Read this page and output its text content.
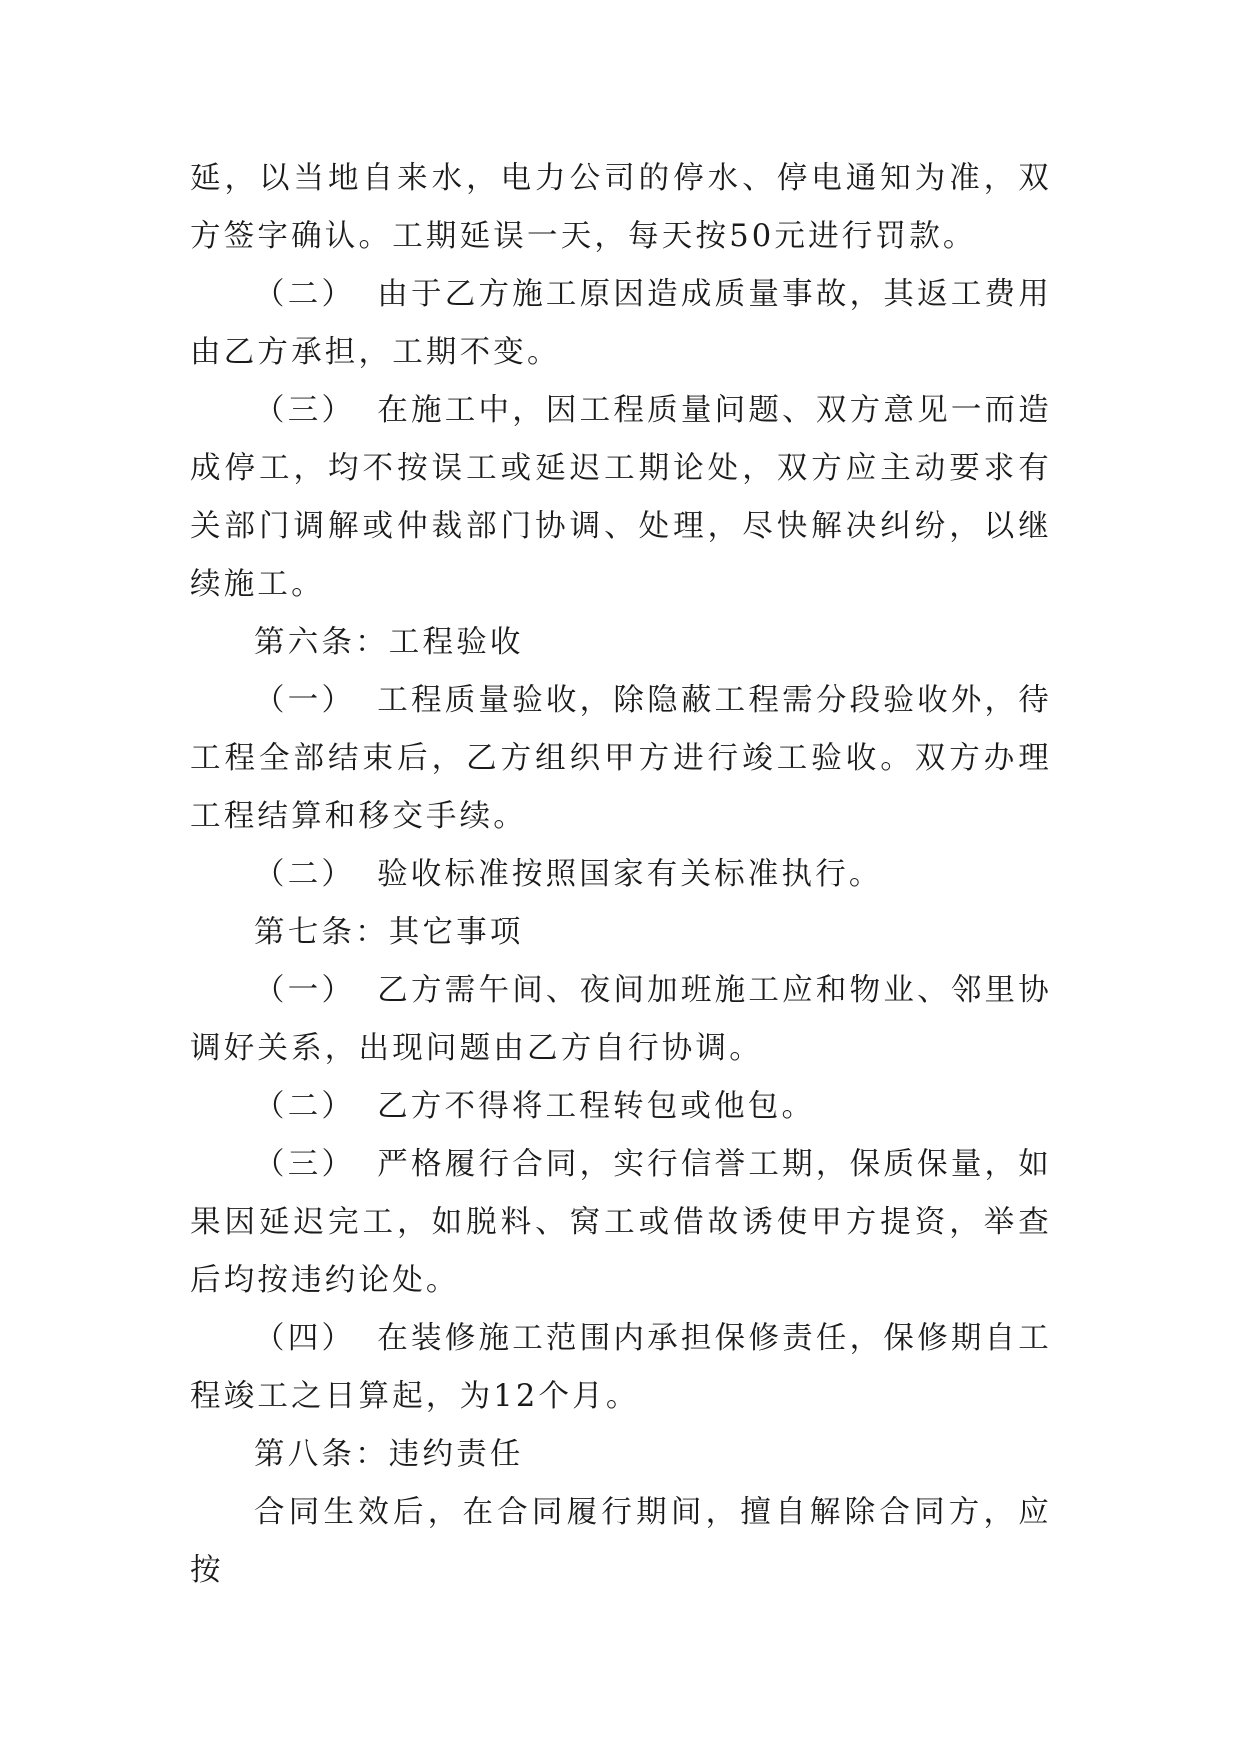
延，以当地自来水，电力公司的停水、停电通知为准，双方签字确认。工期延误一天，每天按50元进行罚款。

（二） 由于乙方施工原因造成质量事故，其返工费用由乙方承担，工期不变。

（三） 在施工中，因工程质量问题、双方意见一而造成停工，均不按误工或延迟工期论处，双方应主动要求有关部门调解或仲裁部门协调、处理，尽快解决纠纷，以继续施工。

第六条：工程验收

（一） 工程质量验收，除隐蔽工程需分段验收外，待工程全部结束后，乙方组织甲方进行竣工验收。双方办理工程结算和移交手续。

（二） 验收标准按照国家有关标准执行。

第七条：其它事项

（一） 乙方需午间、夜间加班施工应和物业、邻里协调好关系，出现问题由乙方自行协调。

（二） 乙方不得将工程转包或他包。

（三） 严格履行合同，实行信誉工期，保质保量，如果因延迟完工，如脱料、窝工或借故诱使甲方提资，举查后均按违约论处。

（四） 在装修施工范围内承担保修责任，保修期自工程竣工之日算起，为12个月。

第八条：违约责任

合同生效后，在合同履行期间，擅自解除合同方，应按
